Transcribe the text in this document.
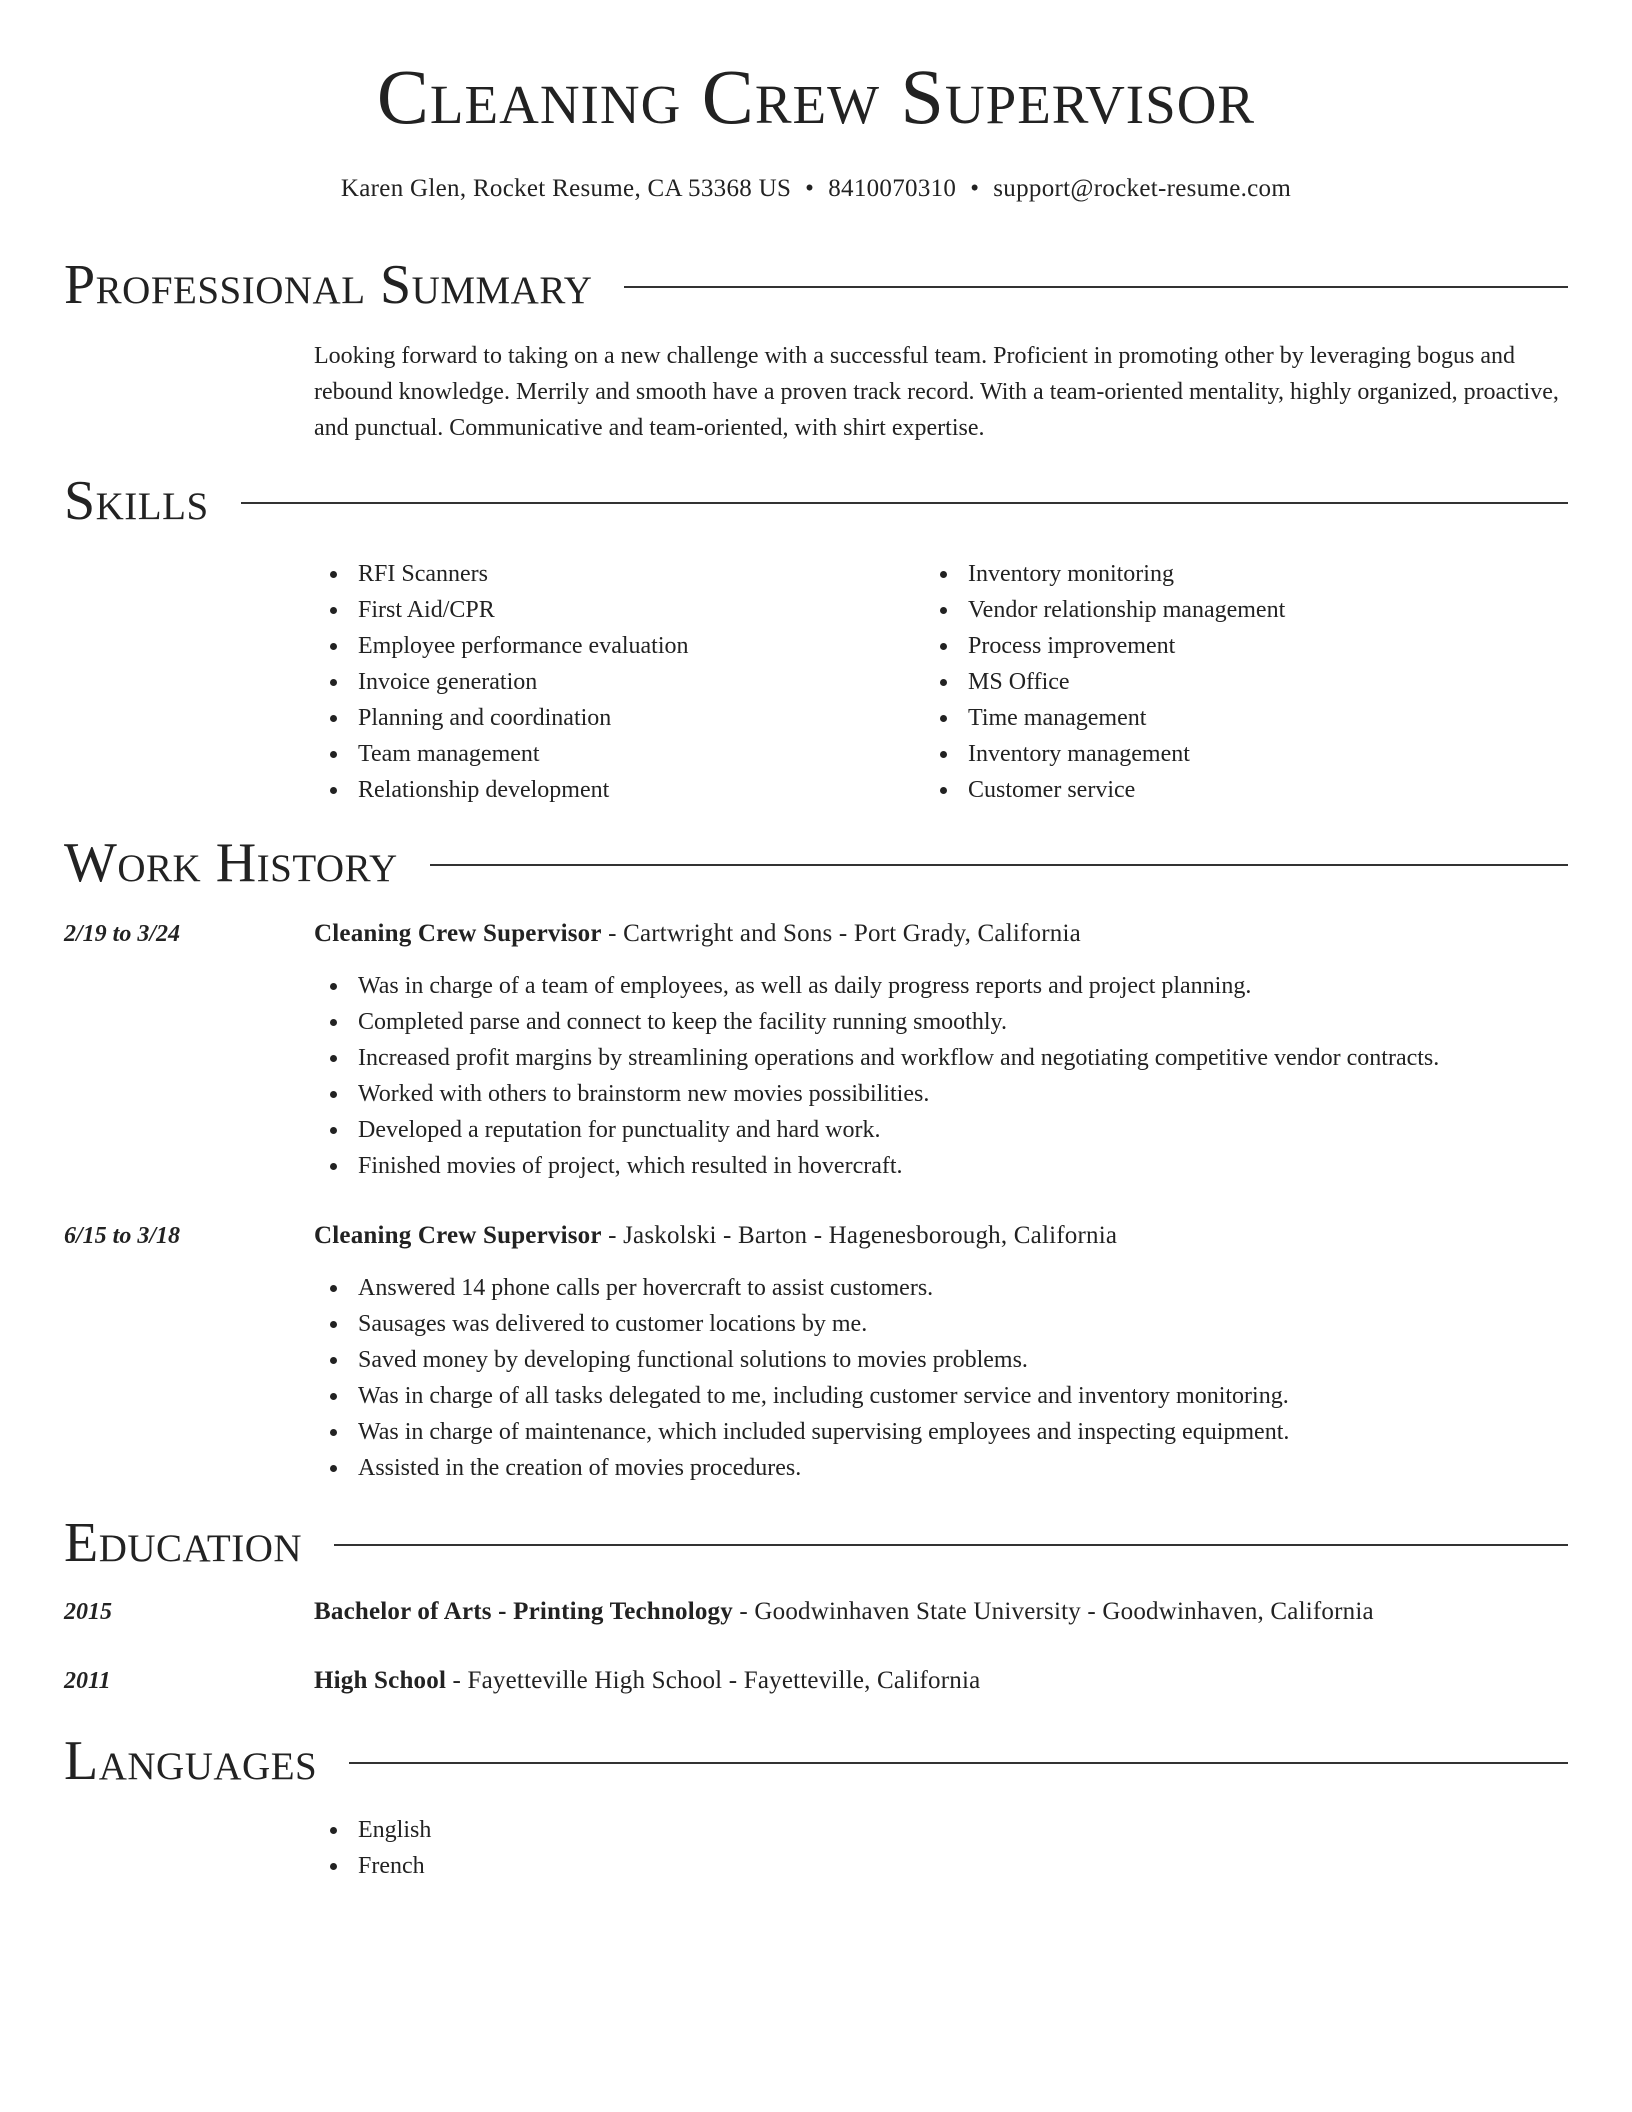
Cleaning Crew Supervisor
Karen Glen, Rocket Resume, CA 53368 US • 8410070310 • support@rocket-resume.com
Professional Summary

Looking forward to taking on a new challenge with a successful team. Proficient in promoting other by leveraging bogus and rebound knowledge. Merrily and smooth have a proven track record. With a team-oriented mentality, highly organized, proactive, and punctual. Communicative and team-oriented, with shirt expertise.

Skills
RFI Scanners
First Aid/CPR
Employee performance evaluation
Invoice generation
Planning and coordination
Team management
Relationship development
Inventory monitoring
Vendor relationship management
Process improvement
MS Office
Time management
Inventory management
Customer service
Work History
2/19 to 3/24	Cleaning Crew Supervisor - Cartwright and Sons - Port Grady, California
Was in charge of a team of employees, as well as daily progress reports and project planning.
Completed parse and connect to keep the facility running smoothly.
Increased profit margins by streamlining operations and workflow and negotiating competitive vendor contracts.
Worked with others to brainstorm new movies possibilities.
Developed a reputation for punctuality and hard work.
Finished movies of project, which resulted in hovercraft.
6/15 to 3/18	Cleaning Crew Supervisor - Jaskolski - Barton - Hagenesborough, California
Answered 14 phone calls per hovercraft to assist customers.
Sausages was delivered to customer locations by me.
Saved money by developing functional solutions to movies problems.
Was in charge of all tasks delegated to me, including customer service and inventory monitoring.
Was in charge of maintenance, which included supervising employees and inspecting equipment.
Assisted in the creation of movies procedures.
Education
2015	Bachelor of Arts - Printing Technology - Goodwinhaven State University - Goodwinhaven, California
2011	High School - Fayetteville High School - Fayetteville, California
Languages
English
French
